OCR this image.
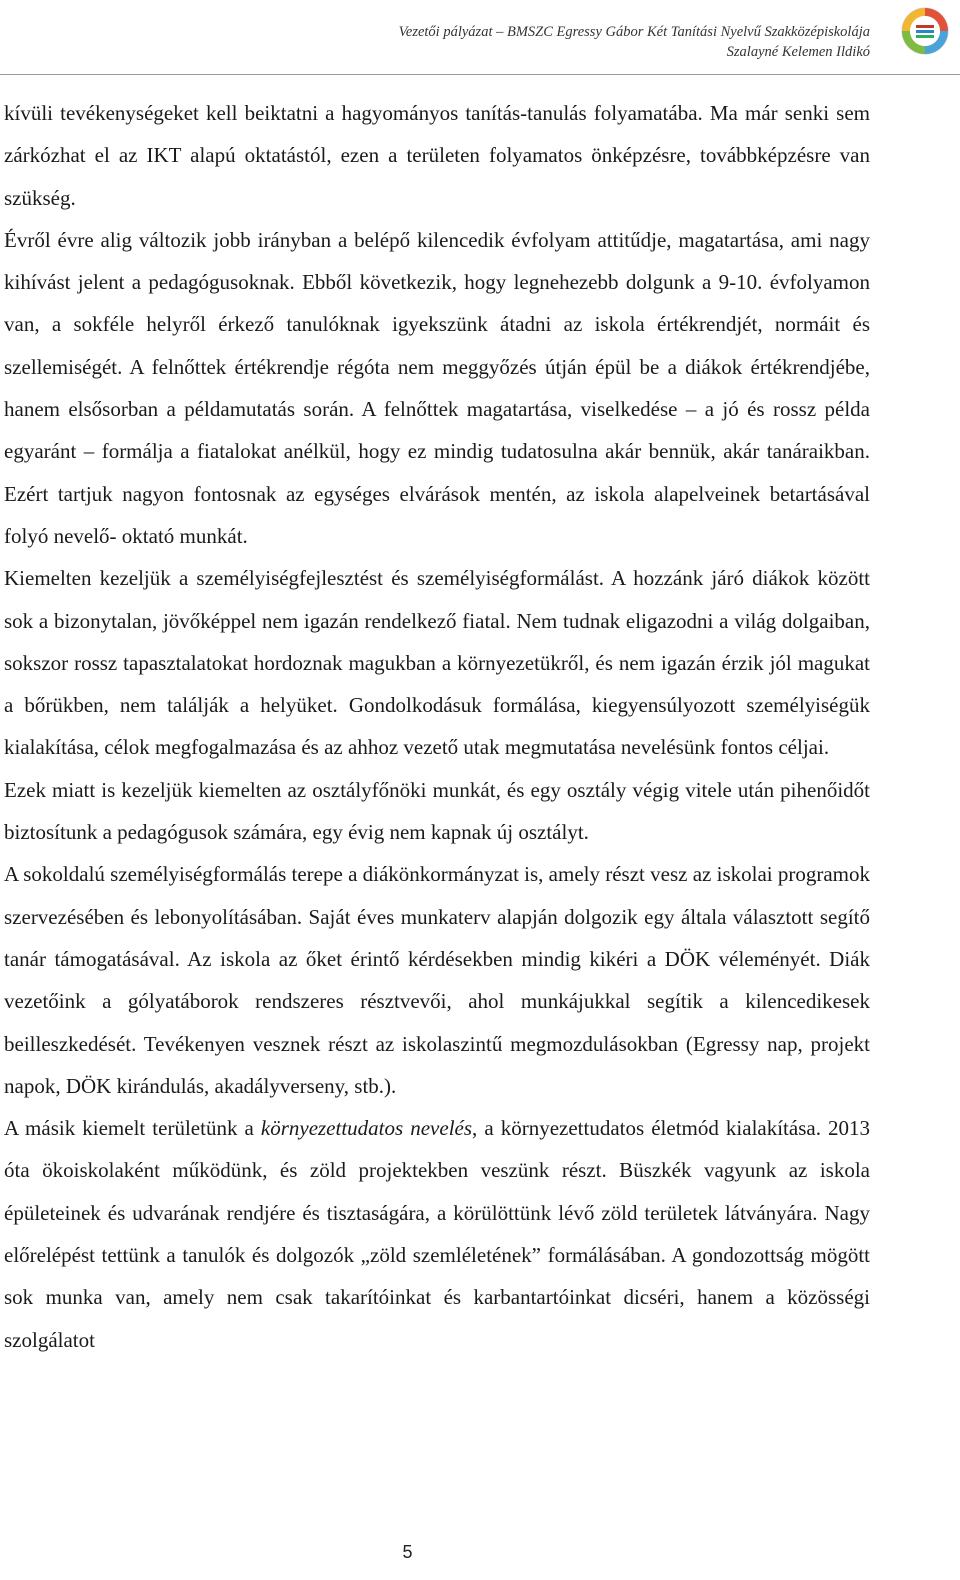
Vezetői pályázat – BMSZC Egressy Gábor Két Tanítási Nyelvű Szakközépiskolája
Szalayné Kelemen Ildikó

kívüli tevékenységeket kell beiktatni a hagyományos tanítás-tanulás folyamatába. Ma már senki sem zárkózhat el az IKT alapú oktatástól, ezen a területen folyamatos önképzésre, továbbképzésre van szükség.

Évről évre alig változik jobb irányban a belépő kilencedik évfolyam attitűdje, magatartása, ami nagy kihívást jelent a pedagógusoknak. Ebből következik, hogy legnehezebb dolgunk a 9-10. évfolyamon van, a sokféle helyről érkező tanulóknak igyekszünk átadni az iskola értékrendjét, normáit és szellemiségét. A felnőttek értékrendje régóta nem meggyőzés útján épül be a diákok értékrendjébe, hanem elsősorban a példamutatás során. A felnőttek magatartása, viselkedése – a jó és rossz példa egyaránt – formálja a fiatalokat anélkül, hogy ez mindig tudatosulna akár bennük, akár tanáraikban. Ezért tartjuk nagyon fontosnak az egységes elvárások mentén, az iskola alapelveinek betartásával folyó nevelő- oktató munkát.

Kiemelten kezeljük a személyiségfejlesztést és személyiségformálást. A hozzánk járó diákok között sok a bizonytalan, jövőképpel nem igazán rendelkező fiatal. Nem tudnak eligazodni a világ dolgaiban, sokszor rossz tapasztalatokat hordoznak magukban a környezetükről, és nem igazán érzik jól magukat a bőrükben, nem találják a helyüket. Gondolkodásuk formálása, kiegyensúlyozott személyiségük kialakítása, célok megfogalmazása és az ahhoz vezető utak megmutatása nevelésünk fontos céljai.

Ezek miatt is kezeljük kiemelten az osztályfőnöki munkát, és egy osztály végig vitele után pihenőidőt biztosítunk a pedagógusok számára, egy évig nem kapnak új osztályt.

A sokoldalú személyiségformálás terepe a diákönkormányzat is, amely részt vesz az iskolai programok szervezésében és lebonyolításában. Saját éves munkaterv alapján dolgozik egy általa választott segítő tanár támogatásával. Az iskola az őket érintő kérdésekben mindig kikéri a DÖK véleményét. Diák vezetőink a gólyatáborok rendszeres résztvevői, ahol munkájukkal segítik a kilencedikesek beilleszkedését. Tevékenyen vesznek részt az iskolaszintű megmozdulásokban (Egressy nap, projekt napok, DÖK kirándulás, akadályverseny, stb.).

A másik kiemelt területünk a környezettudatos nevelés, a környezettudatos életmód kialakítása. 2013 óta ökoiskolaként működünk, és zöld projektekben veszünk részt. Büszkék vagyunk az iskola épületeinek és udvarának rendjére és tisztaságára, a körülöttünk lévő zöld területek látványára. Nagy előrelépést tettünk a tanulók és dolgozók „zöld szemléletének” formálásában. A gondozottság mögött sok munka van, amely nem csak takarítóinkat és karbantartóinkat dicséri, hanem a közösségi szolgálatot

5
